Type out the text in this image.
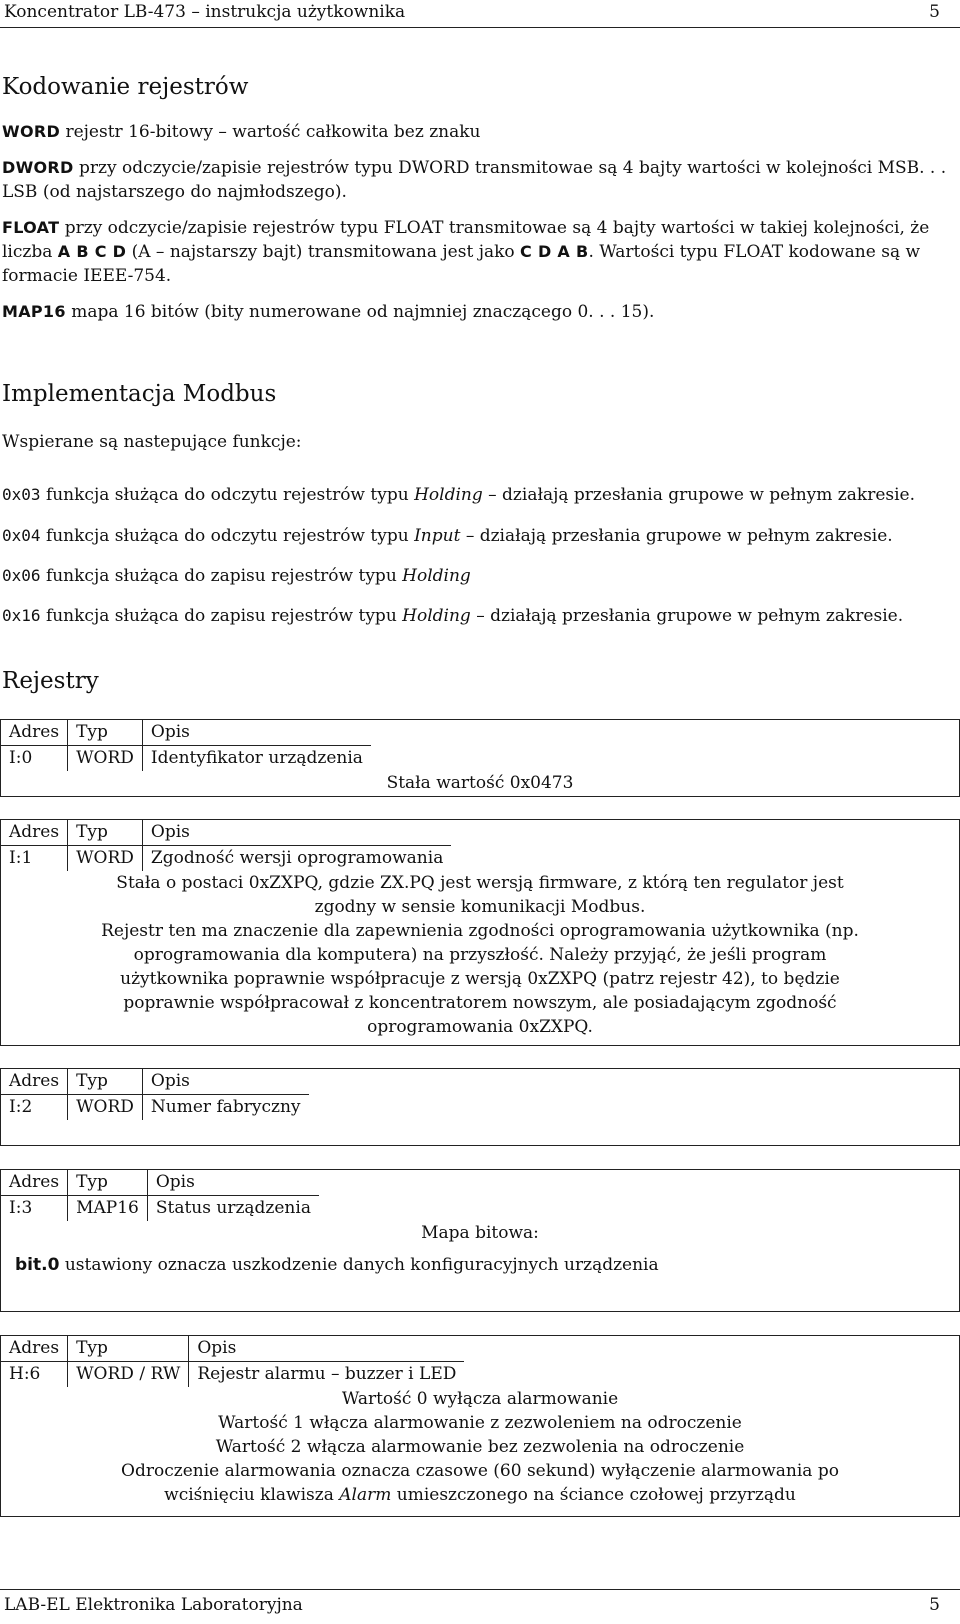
Koncentrator LB-473 – instrukcja użytkownika	5
Kodowanie rejestrów
WORD rejestr 16-bitowy – wartość całkowita bez znaku
DWORD przy odczycie/zapisie rejestrów typu DWORD transmitowae są 4 bajty wartości w kolejności MSB. . . LSB (od najstarszego do najmłodszego).
FLOAT przy odczycie/zapisie rejestrów typu FLOAT transmitowae są 4 bajty wartości w takiej kolejności, że liczba A B C D (A – najstarszy bajt) transmitowana jest jako C D A B. Wartości typu FLOAT kodowane są w formacie IEEE-754.
MAP16 mapa 16 bitów (bity numerowane od najmniej znaczącego 0. . . 15).
Implementacja Modbus
Wspierane są nastepujące funkcje:
0x03 funkcja służąca do odczytu rejestrów typu Holding – działają przesłania grupowe w pełnym zakresie.
0x04 funkcja służąca do odczytu rejestrów typu Input – działają przesłania grupowe w pełnym zakresie.
0x06 funkcja służąca do zapisu rejestrów typu Holding
0x16 funkcja służąca do zapisu rejestrów typu Holding – działają przesłania grupowe w pełnym zakresie.
Rejestry
Adres	Typ	Opis
I:0	WORD	Identyfikator urządzenia
Stała wartość 0x0473
Adres	Typ	Opis
I:1	WORD	Zgodność wersji oprogramowania
Stała o postaci 0xZXPQ, gdzie ZX.PQ jest wersją firmware, z którą ten regulator jest
zgodny w sensie komunikacji Modbus.
Rejestr ten ma znaczenie dla zapewnienia zgodności oprogramowania użytkownika (np.
oprogramowania dla komputera) na przyszłość. Należy przyjąć, że jeśli program
użytkownika poprawnie współpracuje z wersją 0xZXPQ (patrz rejestr 42), to będzie
poprawnie współpracował z koncentratorem nowszym, ale posiadającym zgodność
oprogramowania 0xZXPQ.
Adres	Typ	Opis
I:2	WORD	Numer fabryczny
Adres	Typ	Opis
I:3	MAP16	Status urządzenia
Mapa bitowa:
bit.0 ustawiony oznacza uszkodzenie danych konfiguracyjnych urządzenia
Adres	Typ	Opis
H:6	WORD / RW	Rejestr alarmu – buzzer i LED
Wartość 0 wyłącza alarmowanie
Wartość 1 włącza alarmowanie z zezwoleniem na odroczenie
Wartość 2 włącza alarmowanie bez zezwolenia na odroczenie
Odroczenie alarmowania oznacza czasowe (60 sekund) wyłączenie alarmowania po
wciśnięciu klawisza Alarm umieszczonego na ściance czołowej przyrządu
LAB-EL Elektronika Laboratoryjna	5
